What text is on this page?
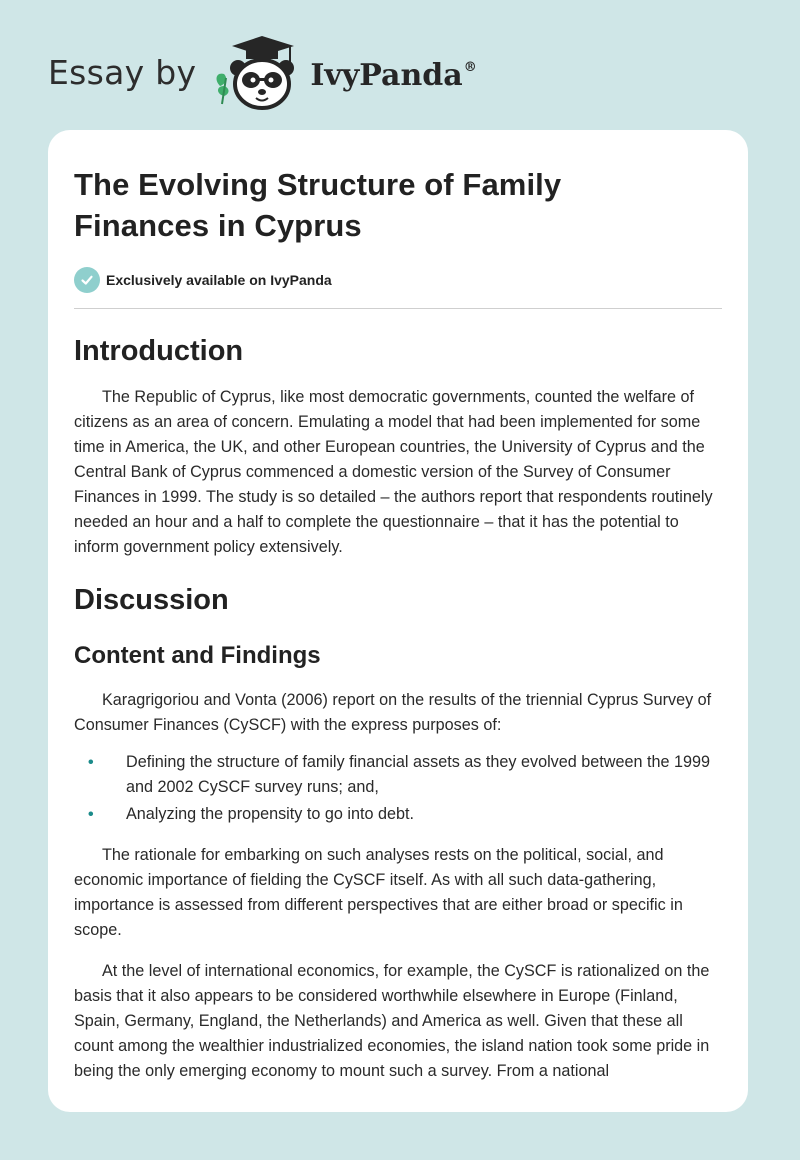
Essay by	IvyPanda®
The Evolving Structure of Family Finances in Cyprus
Exclusively available on IvyPanda
Introduction

The Republic of Cyprus, like most democratic governments, counted the welfare of citizens as an area of concern. Emulating a model that had been implemented for some time in America, the UK, and other European countries, the University of Cyprus and the Central Bank of Cyprus commenced a domestic version of the Survey of Consumer Finances in 1999. The study is so detailed – the authors report that respondents routinely needed an hour and a half to complete the questionnaire – that it has the potential to inform government policy extensively.

Discussion
Content and Findings

Karagrigoriou and Vonta (2006) report on the results of the triennial Cyprus Survey of Consumer Finances (CySCF) with the express purposes of:

• Defining the structure of family financial assets as they evolved between the 1999 and 2002 CySCF survey runs; and,
• Analyzing the propensity to go into debt.

The rationale for embarking on such analyses rests on the political, social, and economic importance of fielding the CySCF itself. As with all such data-gathering, importance is assessed from different perspectives that are either broad or specific in scope.

At the level of international economics, for example, the CySCF is rationalized on the basis that it also appears to be considered worthwhile elsewhere in Europe (Finland, Spain, Germany, England, the Netherlands) and America as well. Given that these all count among the wealthier industrialized economies, the island nation took some pride in being the only emerging economy to mount such a survey. From a national
